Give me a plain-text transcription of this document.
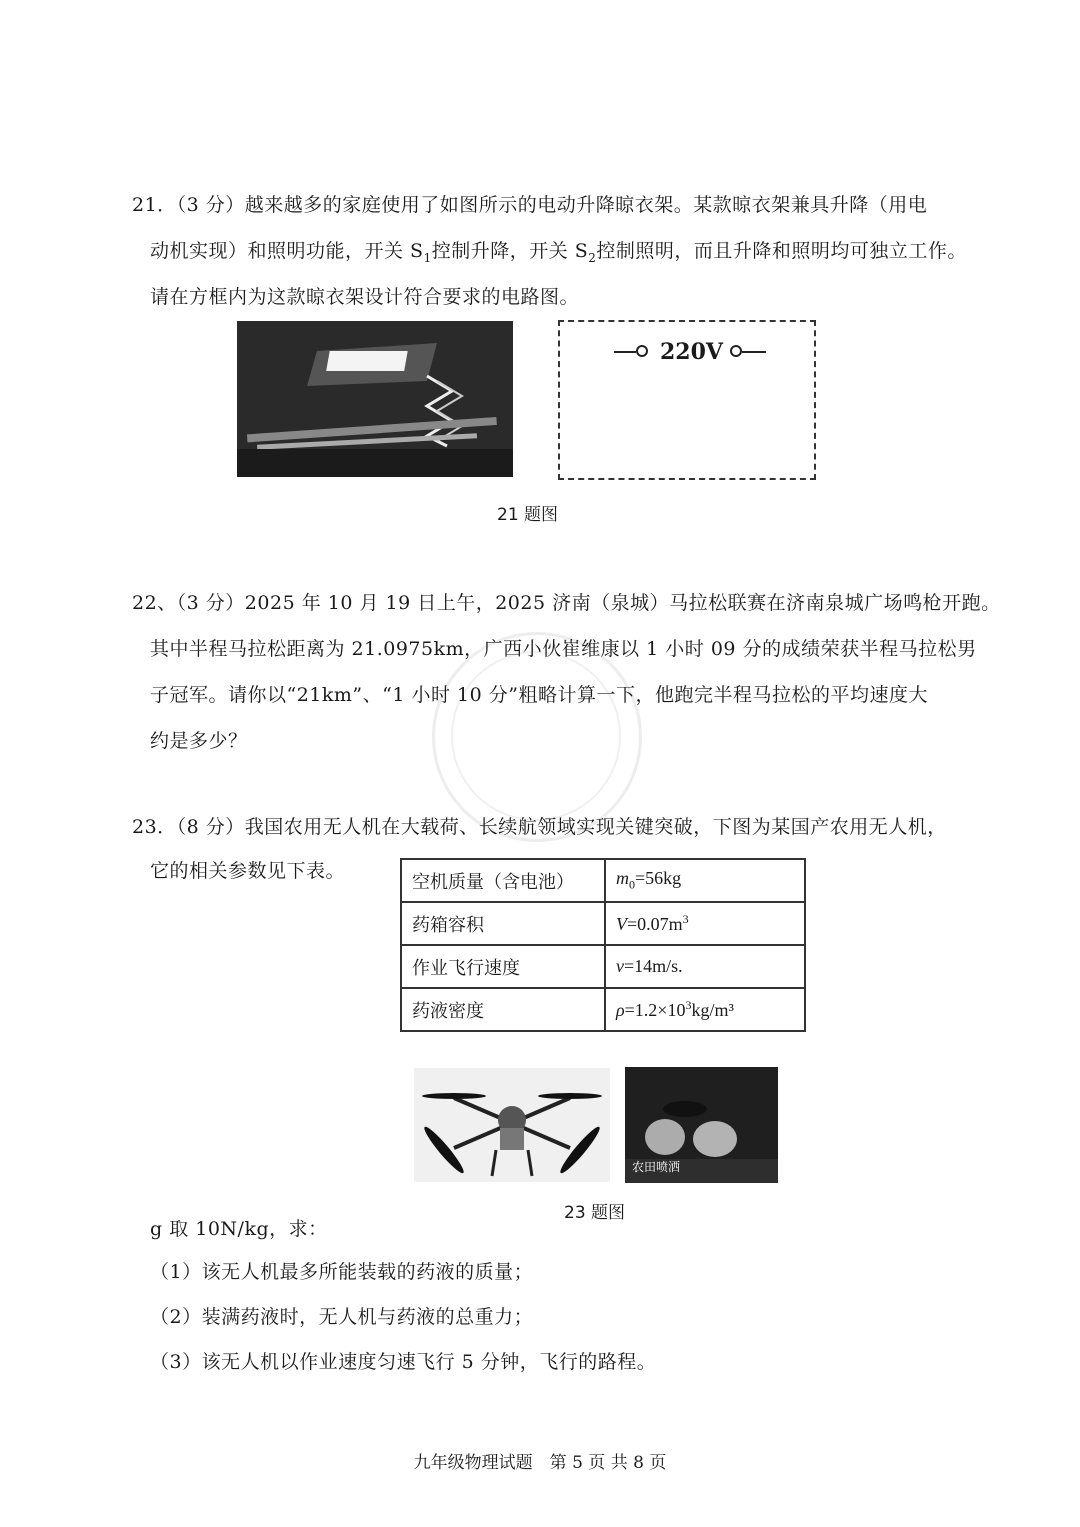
21．（3 分）越来越多的家庭使用了如图所示的电动升降晾衣架。某款晾衣架兼具升降（用电
动机实现）和照明功能，开关 $S_1$控制升降，开关 $S_2$控制照明，而且升降和照明均可独立工作。
请在方框内为这款晾衣架设计符合要求的电路图。
220V
21 题图
22、（3 分）2025 年 10 月 19 日上午，2025 济南（泉城）马拉松联赛在济南泉城广场鸣枪开跑。
其中半程马拉松距离为 21.0975km，广西小伙崔维康以 1 小时 09 分的成绩荣获半程马拉松男
子冠军。请你以“21km”、“1 小时 10 分”粗略计算一下，他跑完半程马拉松的平均速度大
约是多少？
23．（8 分）我国农用无人机在大载荷、长续航领域实现关键突破，下图为某国产农用无人机，
它的相关参数见下表。	空机质量（含电池）	$m_0=56kg$
药箱容积	$V=0.07m^3$
作业飞行速度	v=14m/s.
药液密度	$\rho=1.2\times 10^3kg/m^3$
农田喷洒
23 题图
g 取 10N/kg，求：
（1）该无人机最多所能装载的药液的质量；
（2）装满药液时，无人机与药液的总重力；
（3）该无人机以作业速度匀速飞行 5 分钟，飞行的路程。
九年级物理试题　第 5 页 共 8 页
